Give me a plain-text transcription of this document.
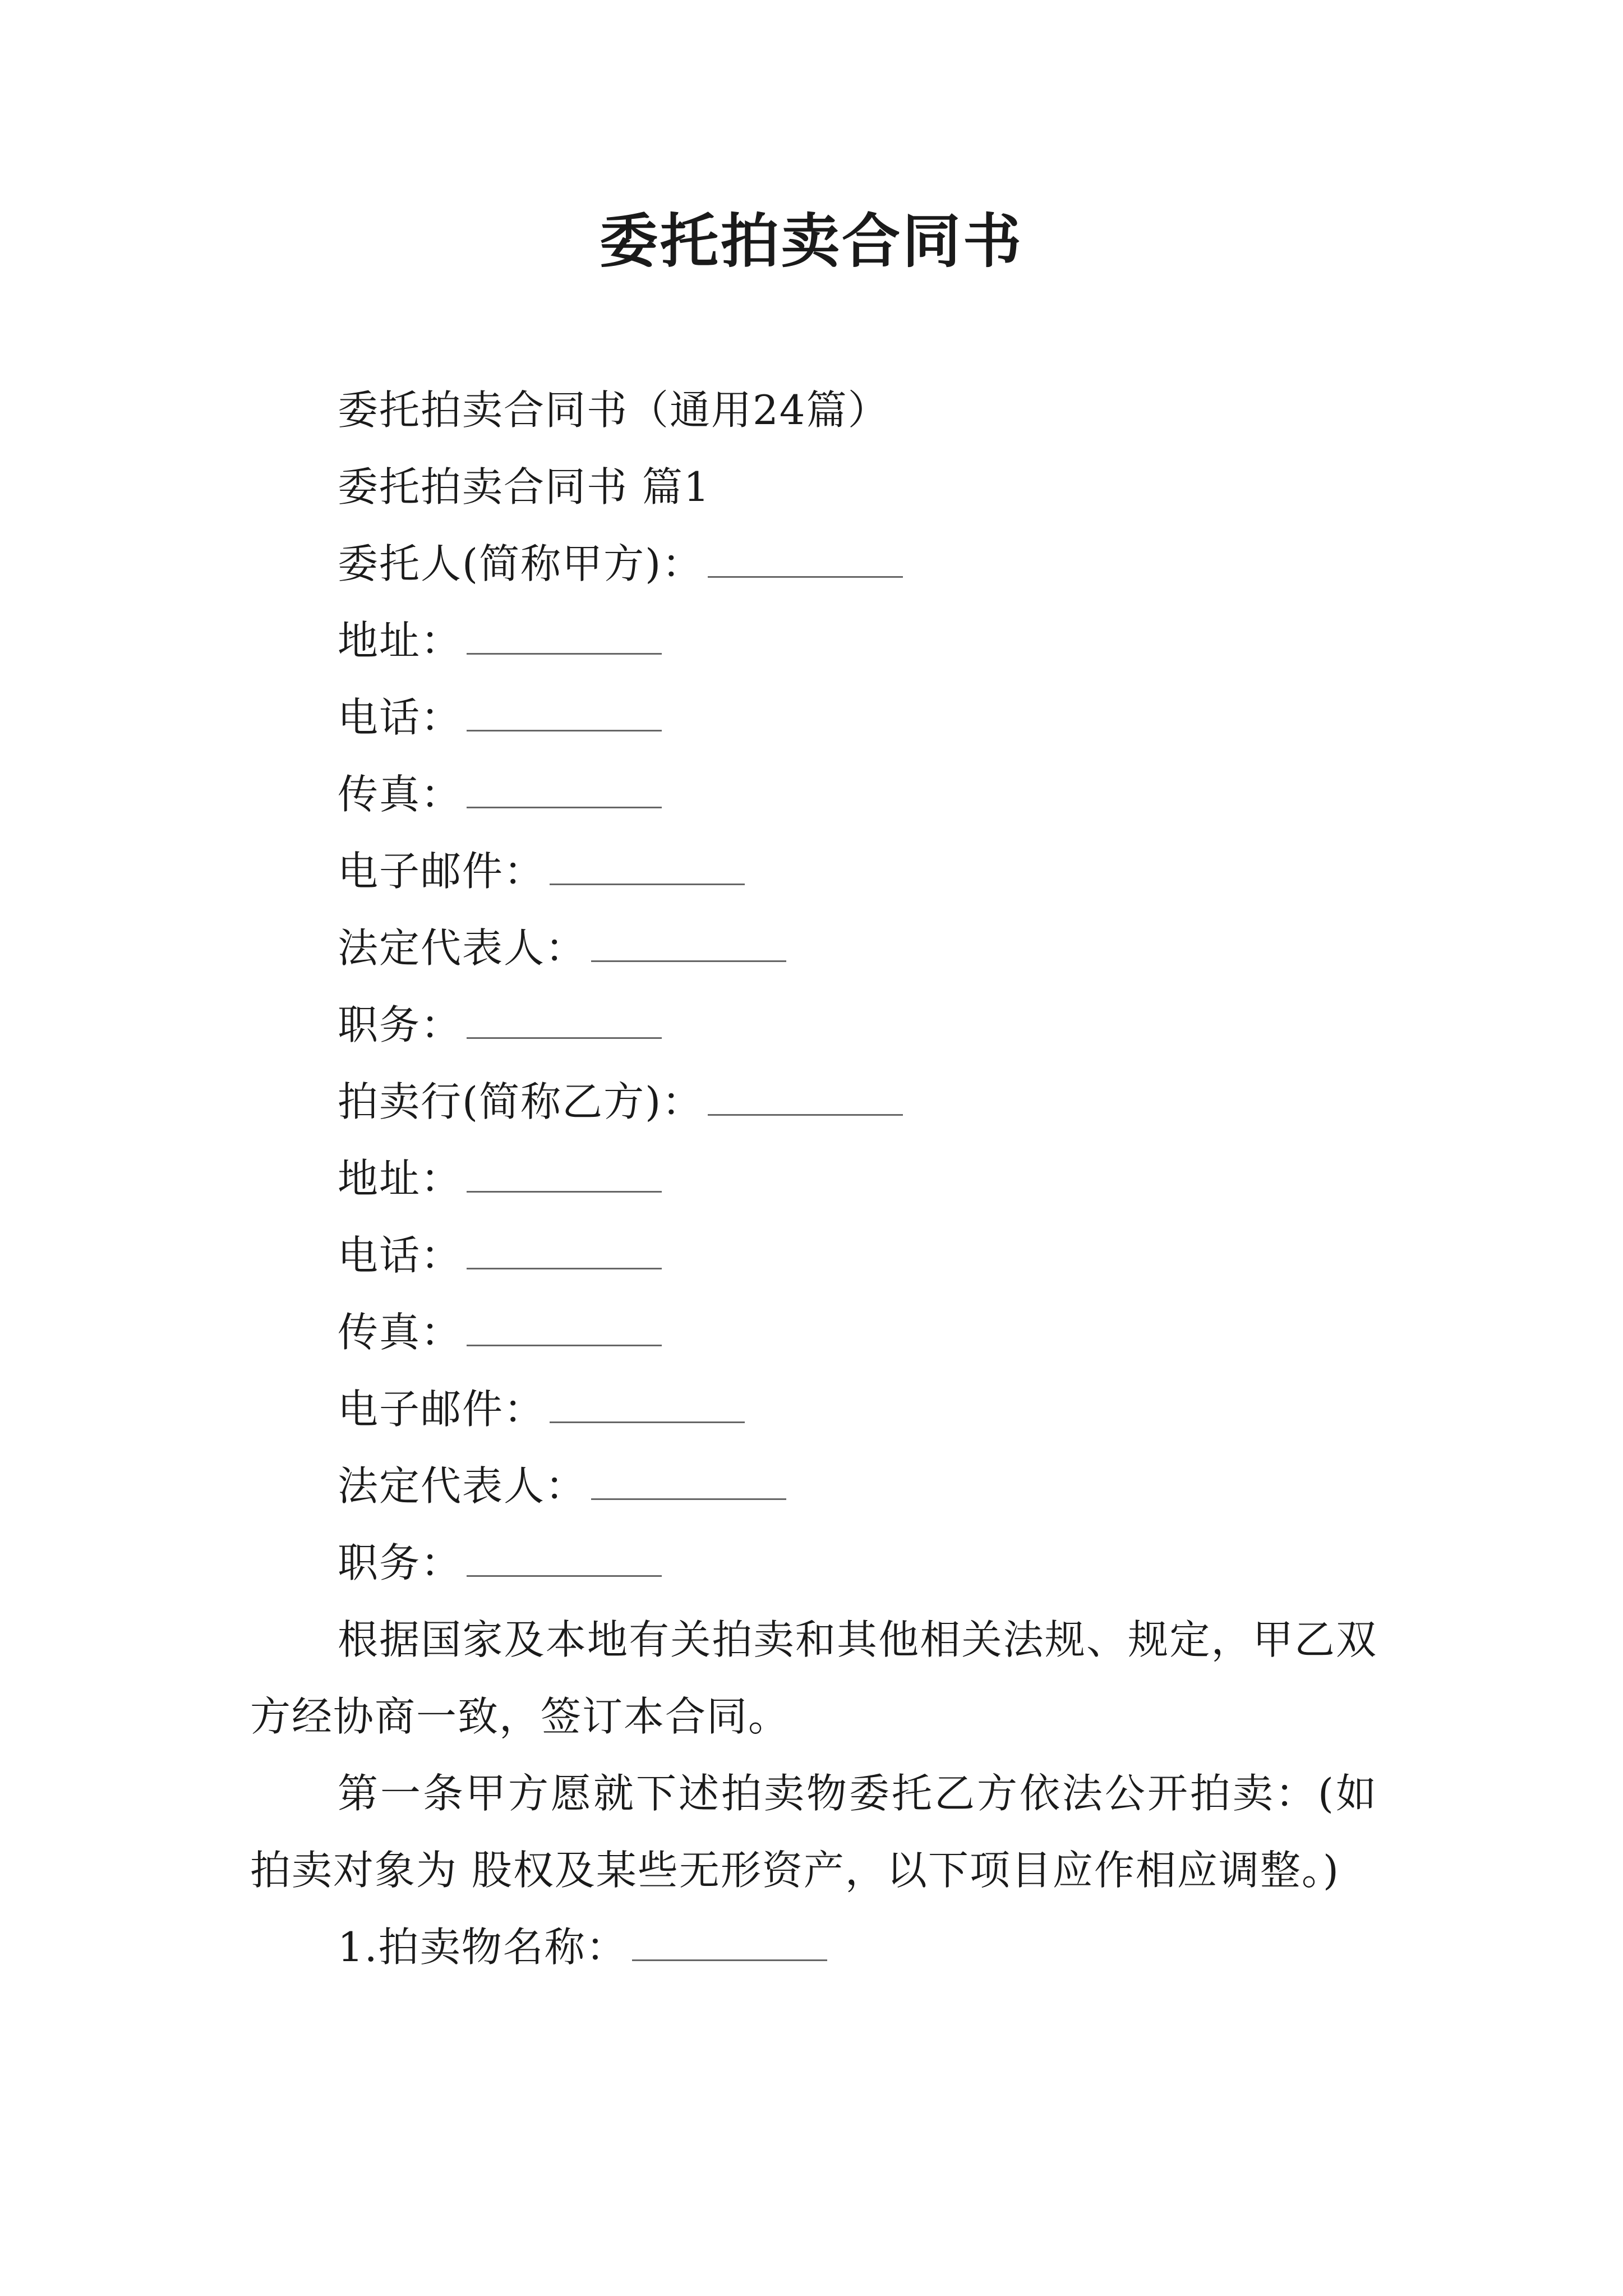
委托拍卖合同书

委托拍卖合同书（通用24篇）

委托拍卖合同书 篇1

委托人(简称甲方)：

地址：

电话：

传真：

电子邮件：

法定代表人：

职务：

拍卖行(简称乙方)：

地址：

电话：

传真：

电子邮件：

法定代表人：

职务：

根据国家及本地有关拍卖和其他相关法规、规定，甲乙双方经协商一致，签订本合同。

第一条甲方愿就下述拍卖物委托乙方依法公开拍卖：(如拍卖对象为 股权及某些无形资产，以下项目应作相应调整。)

1.拍卖物名称：
